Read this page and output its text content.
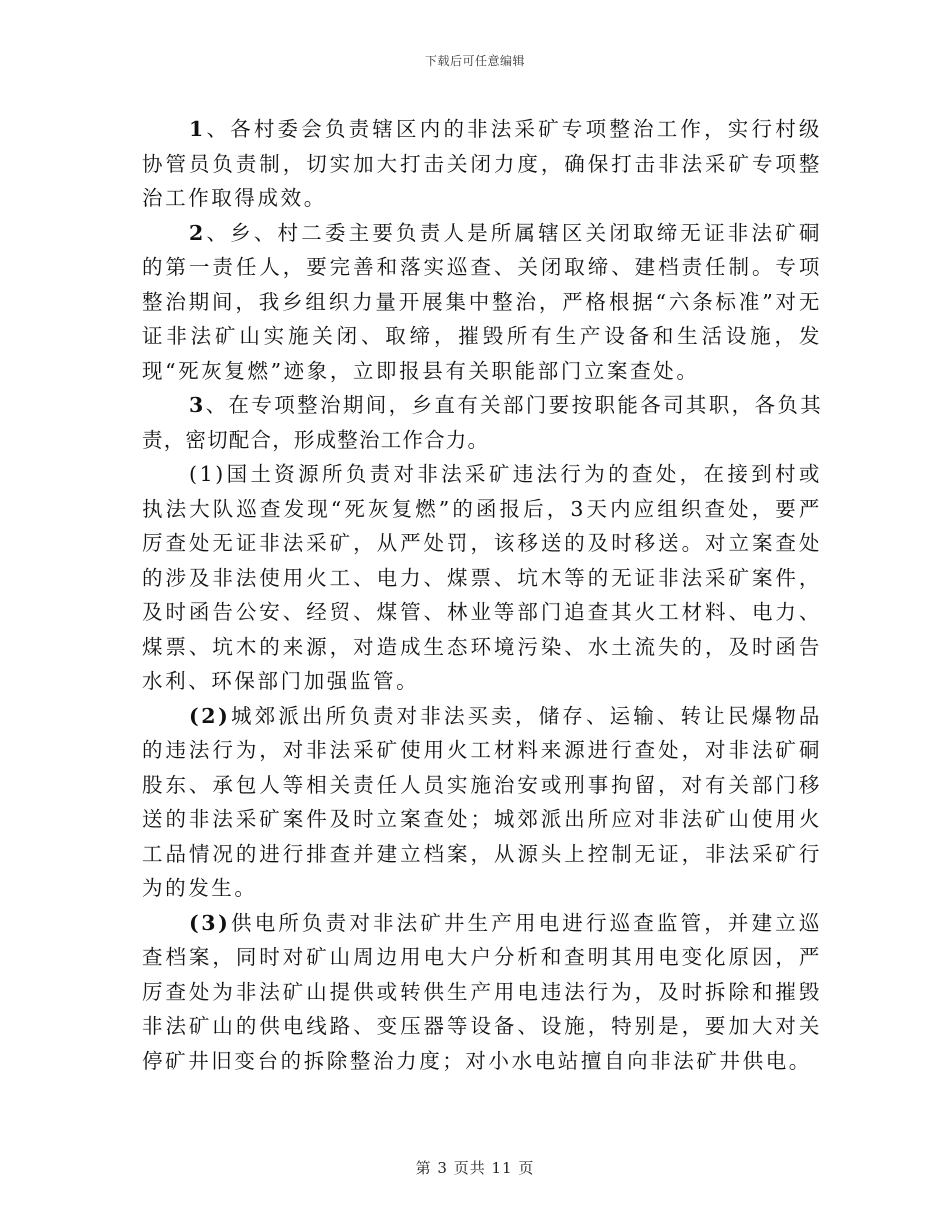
下载后可任意编辑

1、各村委会负责辖区内的非法采矿专项整治工作，实行村级协管员负责制，切实加大打击关闭力度，确保打击非法采矿专项整治工作取得成效。

2、乡、村二委主要负责人是所属辖区关闭取缔无证非法矿硐的第一责任人，要完善和落实巡查、关闭取缔、建档责任制。专项整治期间，我乡组织力量开展集中整治，严格根据“六条标准”对无证非法矿山实施关闭、取缔，摧毁所有生产设备和生活设施，发现“死灰复燃”迹象，立即报县有关职能部门立案查处。

3、在专项整治期间，乡直有关部门要按职能各司其职，各负其责，密切配合，形成整治工作合力。

(1)国土资源所负责对非法采矿违法行为的查处，在接到村或执法大队巡查发现“死灰复燃”的函报后，3天内应组织查处，要严厉查处无证非法采矿，从严处罚，该移送的及时移送。对立案查处的涉及非法使用火工、电力、煤票、坑木等的无证非法采矿案件，及时函告公安、经贸、煤管、林业等部门追查其火工材料、电力、煤票、坑木的来源，对造成生态环境污染、水土流失的，及时函告水利、环保部门加强监管。

(2)城郊派出所负责对非法买卖，储存、运输、转让民爆物品的违法行为，对非法采矿使用火工材料来源进行查处，对非法矿硐股东、承包人等相关责任人员实施治安或刑事拘留，对有关部门移送的非法采矿案件及时立案查处；城郊派出所应对非法矿山使用火工品情况的进行排查并建立档案，从源头上控制无证，非法采矿行为的发生。

(3)供电所负责对非法矿井生产用电进行巡查监管，并建立巡查档案，同时对矿山周边用电大户分析和查明其用电变化原因，严厉查处为非法矿山提供或转供生产用电违法行为，及时拆除和摧毁非法矿山的供电线路、变压器等设备、设施，特别是，要加大对关停矿井旧变台的拆除整治力度；对小水电站擅自向非法矿井供电。

第 3 页共 11 页
